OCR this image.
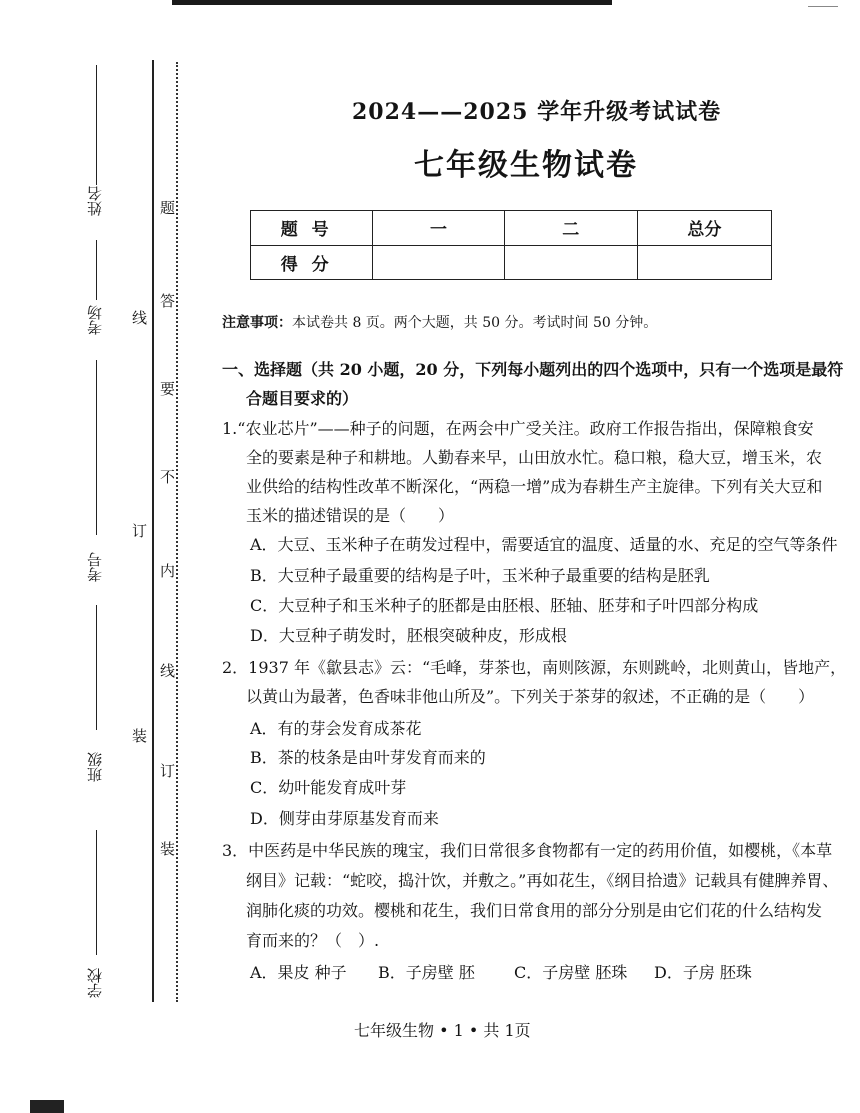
姓名
考场
考号
班级
学校
题
答
要
不
内
线
订
装
线
订
装
2024——2025 学年升级考试试卷
七年级生物试卷
题号	一	二	总分
得分			
注意事项：本试卷共 8 页。两个大题，共 50 分。考试时间 50 分钟。
一、选择题（共 20 小题，20 分，下列每小题列出的四个选项中，只有一个选项是最符
合题目要求的）
1.“农业芯片”——种子的问题，在两会中广受关注。政府工作报告指出，保障粮食安
全的要素是种子和耕地。人勤春来早，山田放水忙。稳口粮，稳大豆，增玉米，农
业供给的结构性改革不断深化，“两稳一增”成为春耕生产主旋律。下列有关大豆和
玉米的描述错误的是（　　）
A．大豆、玉米种子在萌发过程中，需要适宜的温度、适量的水、充足的空气等条件
B．大豆种子最重要的结构是子叶，玉米种子最重要的结构是胚乳
C．大豆种子和玉米种子的胚都是由胚根、胚轴、胚芽和子叶四部分构成
D．大豆种子萌发时，胚根突破种皮，形成根
2．1937 年《歙县志》云：“毛峰，芽茶也，南则陔源，东则跳岭，北则黄山，皆地产，
以黄山为最著，色香味非他山所及”。下列关于茶芽的叙述，不正确的是（　　）
A．有的芽会发育成茶花
B．茶的枝条是由叶芽发育而来的
C．幼叶能发育成叶芽
D．侧芽由芽原基发育而来
3．中医药是中华民族的瑰宝，我们日常很多食物都有一定的药用价值，如樱桃，《本草
纲目》记载：“蛇咬，捣汁饮，并敷之。”再如花生，《纲目拾遗》记载具有健脾养胃、
润肺化痰的功效。樱桃和花生，我们日常食用的部分分别是由它们花的什么结构发
育而来的？（　）.
A．果皮 种子 B．子房壁 胚 C．子房壁 胚珠 D．子房 胚珠
七年级生物 • 1 • 共 1页
